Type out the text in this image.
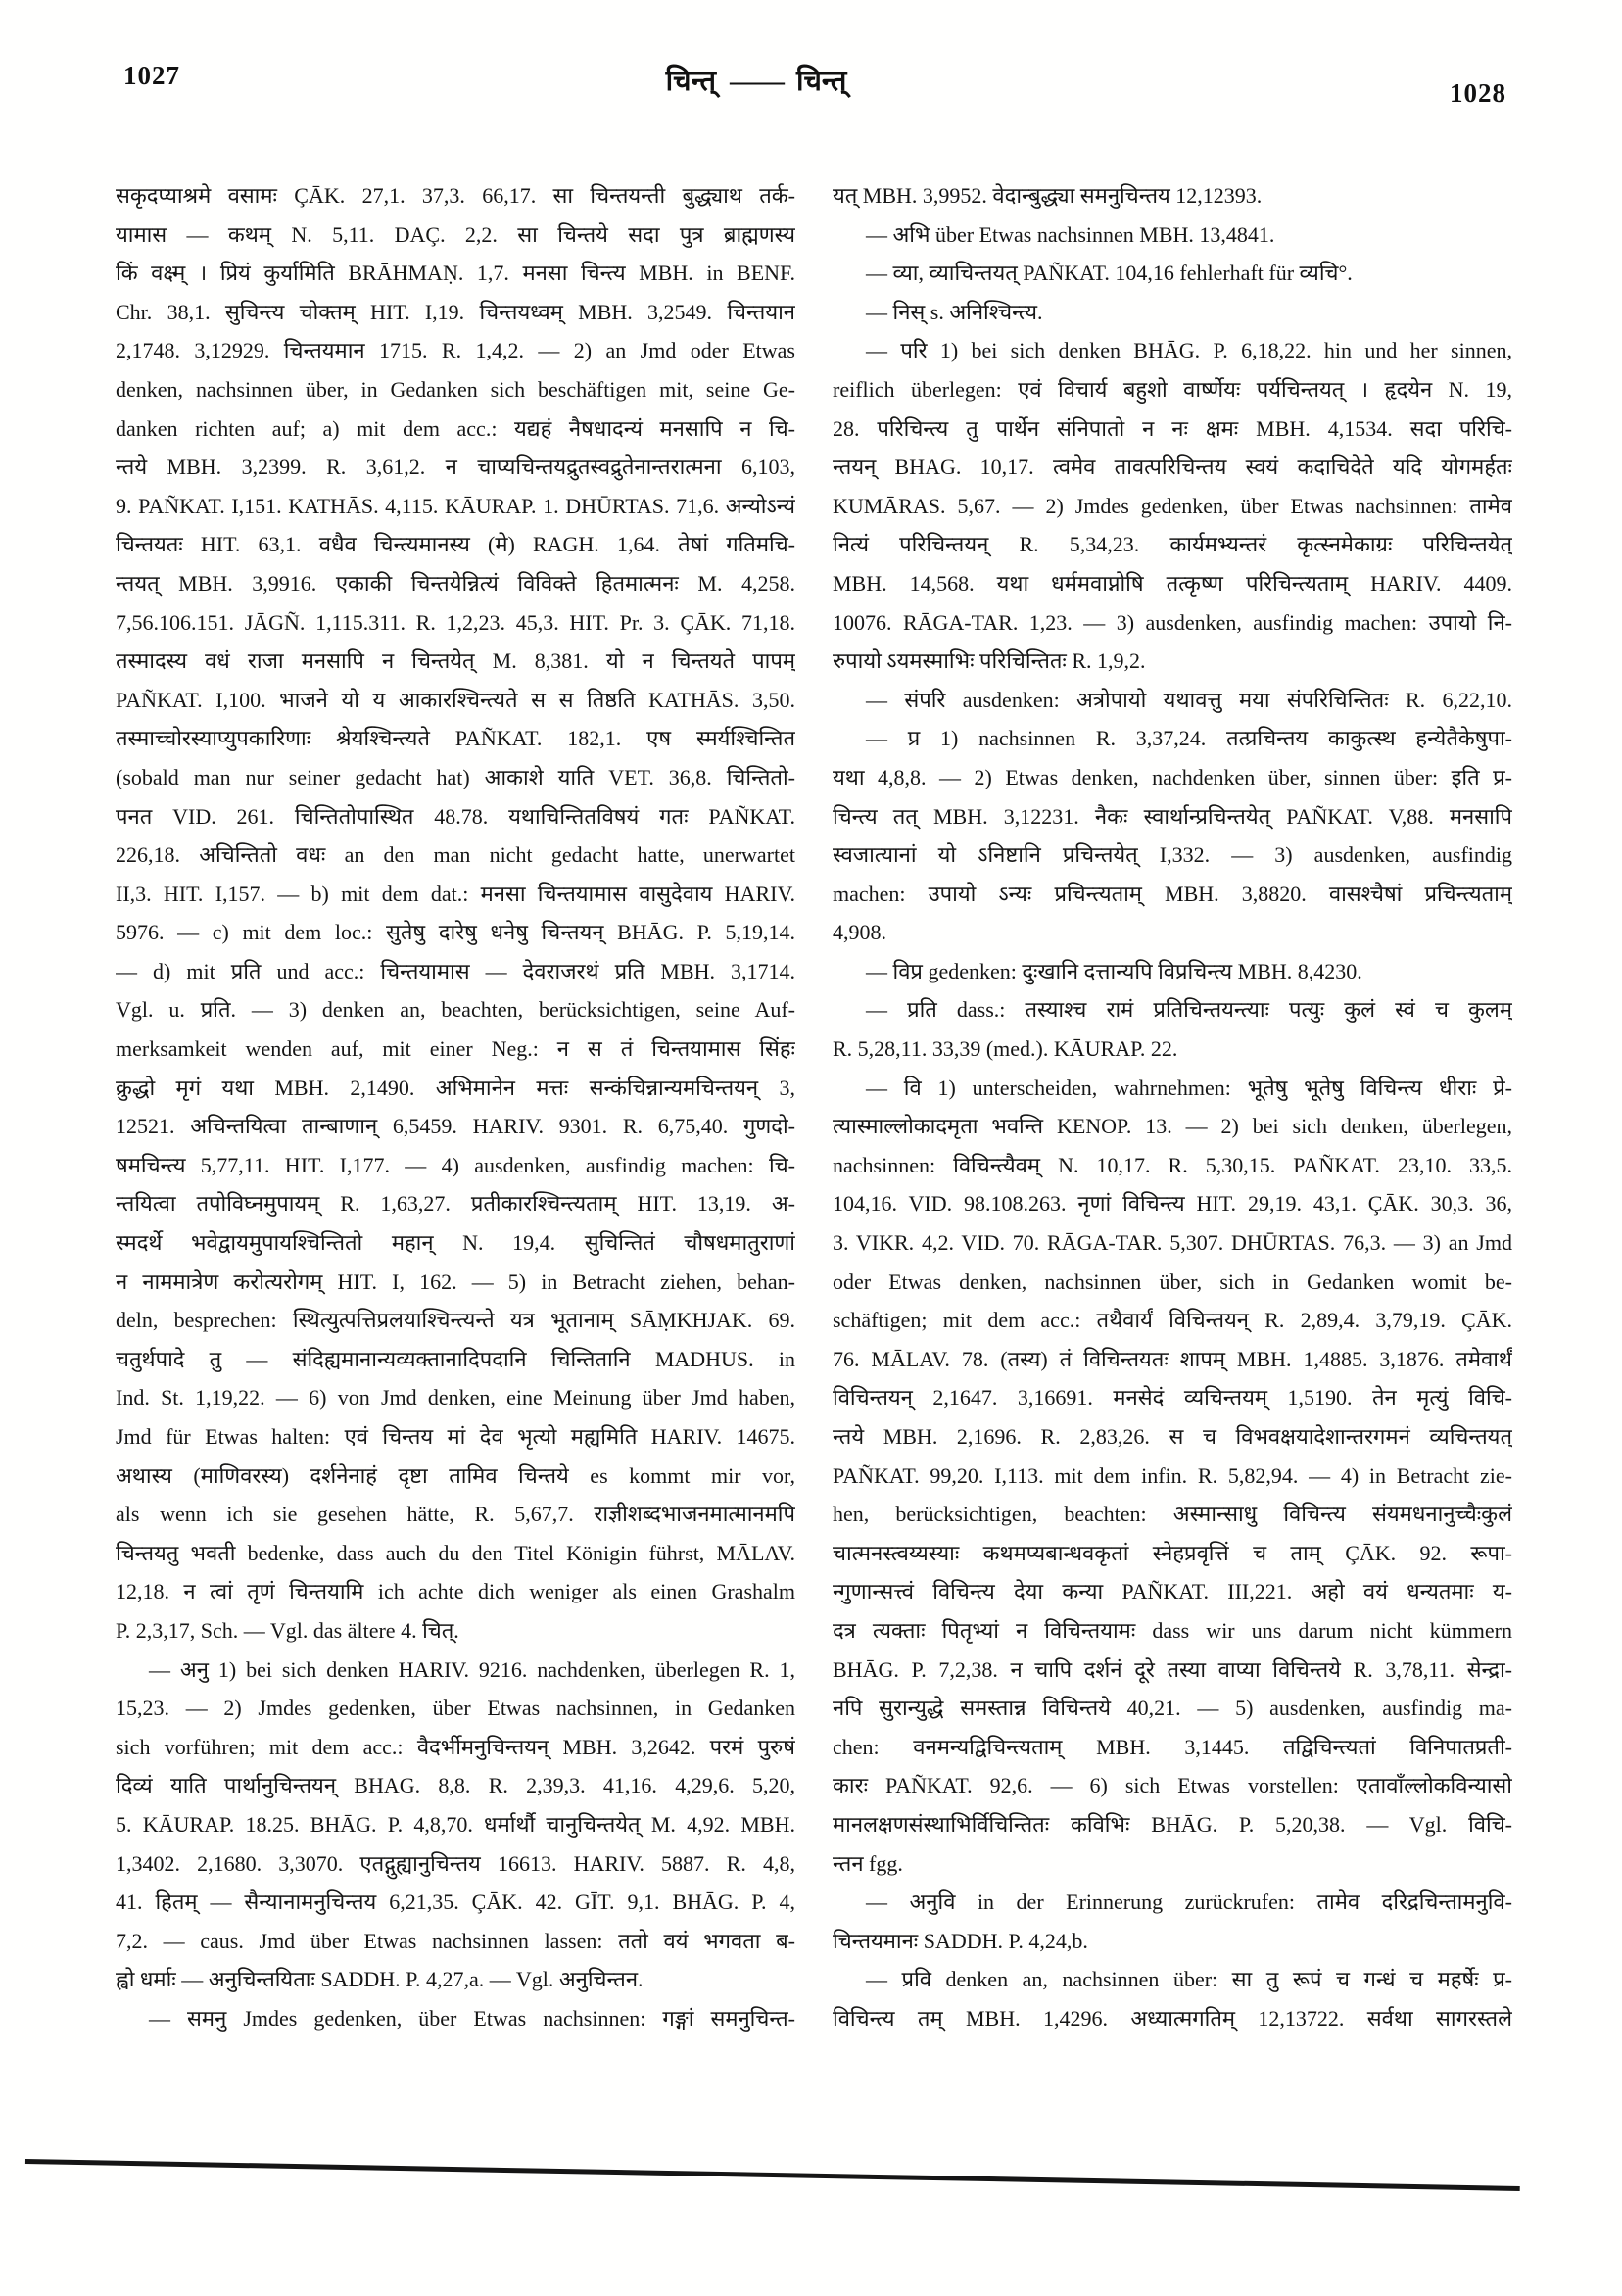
1027	चिन्त् —— चिन्त्	1028
सकृदप्याश्रमे वसामः ÇĀK. 27,1. 37,3. 66,17. सा चिन्तयन्ती बुद्ध्याथ तर्क-
यामास — कथम् N. 5,11. DAÇ. 2,2. सा चिन्तये सदा पुत्र ब्राह्मणस्य
किं वक्ष्म् । प्रियं कुर्यामिति BRĀHMAṆ. 1,7. मनसा चिन्त्य MBH. in BENF.
Chr. 38,1. सुचिन्त्य चोक्तम् HIT. I,19. चिन्तयध्वम् MBH. 3,2549. चिन्तयान
2,1748. 3,12929. चिन्तयमान 1715. R. 1,4,2. — 2) an Jmd oder Etwas
denken, nachsinnen über, in Gedanken sich beschäftigen mit, seine Ge-
danken richten auf; a) mit dem acc.: यद्यहं नैषधादन्यं मनसापि न चि-
न्तये MBH. 3,2399. R. 3,61,2. न चाप्यचिन्तयद्रुतस्वद्रुतेनान्तरात्मना 6,103,
9. PAÑKAT. I,151. KATHĀS. 4,115. KĀURAP. 1. DHŪRTAS. 71,6. अन्योऽन्यं
चिन्तयतः HIT. 63,1. वधैव चिन्त्यमानस्य (मे) RAGH. 1,64. तेषां गतिमचि-
न्तयत् MBH. 3,9916. एकाकी चिन्तयेन्नित्यं विविक्ते हितमात्मनः M. 4,258.
7,56.106.151. JĀGÑ. 1,115.311. R. 1,2,23. 45,3. HIT. Pr. 3. ÇĀK. 71,18.
तस्मादस्य वधं राजा मनसापि न चिन्तयेत् M. 8,381. यो न चिन्तयते पापम्
PAÑKAT. I,100. भाजने यो य आकारश्चिन्त्यते स स तिष्ठति KATHĀS. 3,50.
तस्माच्चोरस्याप्युपकारिणाः श्रेयश्चिन्त्यते PAÑKAT. 182,1. एष स्मर्यश्चिन्तित
(sobald man nur seiner gedacht hat) आकाशे याति VET. 36,8. चिन्तितो-
पनत VID. 261. चिन्तितोपास्थित 48.78. यथाचिन्तितविषयं गतः PAÑKAT.
226,18. अचिन्तितो वधः an den man nicht gedacht hatte, unerwartet
II,3. HIT. I,157. — b) mit dem dat.: मनसा चिन्तयामास वासुदेवाय HARIV.
5976. — c) mit dem loc.: सुतेषु दारेषु धनेषु चिन्तयन् BHĀG. P. 5,19,14.
— d) mit प्रति und acc.: चिन्तयामास — देवराजरथं प्रति MBH. 3,1714.
Vgl. u. प्रति. — 3) denken an, beachten, berücksichtigen, seine Auf-
merksamkeit wenden auf, mit einer Neg.: न स तं चिन्तयामास सिंहः
क्रुद्धो मृगं यथा MBH. 2,1490. अभिमानेन मत्तः सन्कंचिन्नान्यमचिन्तयन् 3,
12521. अचिन्तयित्वा तान्बाणान् 6,5459. HARIV. 9301. R. 6,75,40. गुणदो-
षमचिन्त्य 5,77,11. HIT. I,177. — 4) ausdenken, ausfindig machen: चि-
न्तयित्वा तपोविघ्नमुपायम् R. 1,63,27. प्रतीकारश्चिन्त्यताम् HIT. 13,19. अ-
स्मदर्थे भवेद्वायमुपायश्चिन्तितो महान् N. 19,4. सुचिन्तितं चौषधमातुराणां
न नाममात्रेण करोत्यरोगम् HIT. I, 162. — 5) in Betracht ziehen, behan-
deln, besprechen: स्थित्युत्पत्तिप्रलयाश्चिन्त्यन्ते यत्र भूतानाम् SĀṂKHJAK. 69.
चतुर्थपादे तु — संदिह्यमानान्यव्यक्तानादिपदानि चिन्तितानि MADHUS. in
Ind. St. 1,19,22. — 6) von Jmd denken, eine Meinung über Jmd haben,
Jmd für Etwas halten: एवं चिन्तय मां देव भृत्यो मह्यमिति HARIV. 14675.
अथास्य (माणिवरस्य) दर्शनेनाहं दृष्टा तामिव चिन्तये es kommt mir vor,
als wenn ich sie gesehen hätte, R. 5,67,7. राज्ञीशब्दभाजनमात्मानमपि
चिन्तयतु भवती bedenke, dass auch du den Titel Königin führst, MĀLAV.
12,18. न त्वां तृणं चिन्तयामि ich achte dich weniger als einen Grashalm
P. 2,3,17, Sch. — Vgl. das ältere 4. चित्.
— अनु 1) bei sich denken HARIV. 9216. nachdenken, überlegen R. 1,
15,23. — 2) Jmdes gedenken, über Etwas nachsinnen, in Gedanken
sich vorführen; mit dem acc.: वैदर्भीमनुचिन्तयन् MBH. 3,2642. परमं पुरुषं
दिव्यं याति पार्थानुचिन्तयन् BHAG. 8,8. R. 2,39,3. 41,16. 4,29,6. 5,20,
5. KĀURAP. 18.25. BHĀG. P. 4,8,70. धर्मार्थौ चानुचिन्तयेत् M. 4,92. MBH.
1,3402. 2,1680. 3,3070. एतद्गुह्यानुचिन्तय 16613. HARIV. 5887. R. 4,8,
41. हितम् — सैन्यानामनुचिन्तय 6,21,35. ÇĀK. 42. GĪT. 9,1. BHĀG. P. 4,
7,2. — caus. Jmd über Etwas nachsinnen lassen: ततो वयं भगवता ब-
ह्वो धर्माः — अनुचिन्तयिताः SADDH. P. 4,27,a. — Vgl. अनुचिन्तन.
— समनु Jmdes gedenken, über Etwas nachsinnen: गङ्गां समनुचिन्त-
यत् MBH. 3,9952. वेदान्बुद्ध्या समनुचिन्तय 12,12393.
— अभि über Etwas nachsinnen MBH. 13,4841.
— व्या, व्याचिन्तयत् PAÑKAT. 104,16 fehlerhaft für व्यचि°.
— निस् s. अनिश्चिन्त्य.
— परि 1) bei sich denken BHĀG. P. 6,18,22. hin und her sinnen,
reiflich überlegen: एवं विचार्य बहुशो वार्ष्णेयः पर्यचिन्तयत् । हृदयेन N. 19,
28. परिचिन्त्य तु पार्थेन संनिपातो न नः क्षमः MBH. 4,1534. सदा परिचि-
न्तयन् BHAG. 10,17. त्वमेव तावत्परिचिन्तय स्वयं कदाचिदेते यदि योगमर्हतः
KUMĀRAS. 5,67. — 2) Jmdes gedenken, über Etwas nachsinnen: तामेव
नित्यं परिचिन्तयन् R. 5,34,23. कार्यमभ्यन्तरं कृत्स्नमेकाग्रः परिचिन्तयेत्
MBH. 14,568. यथा धर्ममवाप्नोषि तत्कृष्ण परिचिन्त्यताम् HARIV. 4409.
10076. RĀGA-TAR. 1,23. — 3) ausdenken, ausfindig machen: उपायो नि-
रुपायो ऽयमस्माभिः परिचिन्तितः R. 1,9,2.
— संपरि ausdenken: अत्रोपायो यथावत्तु मया संपरिचिन्तितः R. 6,22,10.
— प्र 1) nachsinnen R. 3,37,24. तत्प्रचिन्तय काकुत्स्थ हन्येतैकेषुपा-
यथा 4,8,8. — 2) Etwas denken, nachdenken über, sinnen über: इति प्र-
चिन्त्य तत् MBH. 3,12231. नैकः स्वार्थान्प्रचिन्तयेत् PAÑKAT. V,88. मनसापि
स्वजात्यानां यो ऽनिष्टानि प्रचिन्तयेत् I,332. — 3) ausdenken, ausfindig
machen: उपायो ऽन्यः प्रचिन्त्यताम् MBH. 3,8820. वासश्चैषां प्रचिन्त्यताम्
4,908.
— विप्र gedenken: दुःखानि दत्तान्यपि विप्रचिन्त्य MBH. 8,4230.
— प्रति dass.: तस्याश्च रामं प्रतिचिन्तयन्त्याः पत्युः कुलं स्वं च कुलम्
R. 5,28,11. 33,39 (med.). KĀURAP. 22.
— वि 1) unterscheiden, wahrnehmen: भूतेषु भूतेषु विचिन्त्य धीराः प्रे-
त्यास्माल्लोकादमृता भवन्ति KENOP. 13. — 2) bei sich denken, überlegen,
nachsinnen: विचिन्त्यैवम् N. 10,17. R. 5,30,15. PAÑKAT. 23,10. 33,5.
104,16. VID. 98.108.263. नृणां विचिन्त्य HIT. 29,19. 43,1. ÇĀK. 30,3. 36,
3. VIKR. 4,2. VID. 70. RĀGA-TAR. 5,307. DHŪRTAS. 76,3. — 3) an Jmd
oder Etwas denken, nachsinnen über, sich in Gedanken womit be-
schäftigen; mit dem acc.: तथैवार्यं विचिन्तयन् R. 2,89,4. 3,79,19. ÇĀK.
76. MĀLAV. 78. (तस्य) तं विचिन्तयतः शापम् MBH. 1,4885. 3,1876. तमेवार्थं
विचिन्तयन् 2,1647. 3,16691. मनसेदं व्यचिन्तयम् 1,5190. तेन मृत्युं विचि-
न्तये MBH. 2,1696. R. 2,83,26. स च विभवक्षयादेशान्तरगमनं व्यचिन्तयत्
PAÑKAT. 99,20. I,113. mit dem infin. R. 5,82,94. — 4) in Betracht zie-
hen, berücksichtigen, beachten: अस्मान्साधु विचिन्त्य संयमधनानुच्चैःकुलं
चात्मनस्त्वय्यस्याः कथमप्यबान्धवकृतां स्नेहप्रवृत्तिं च ताम् ÇĀK. 92. रूपा-
न्गुणान्सत्त्वं विचिन्त्य देया कन्या PAÑKAT. III,221. अहो वयं धन्यतमाः य-
दत्र त्यक्ताः पितृभ्यां न विचिन्तयामः dass wir uns darum nicht kümmern
BHĀG. P. 7,2,38. न चापि दर्शनं दूरे तस्या वाप्या विचिन्तये R. 3,78,11. सेन्द्रा-
नपि सुरान्युद्धे समस्तान्न विचिन्तये 40,21. — 5) ausdenken, ausfindig ma-
chen: वनमन्यद्विचिन्त्यताम् MBH. 3,1445. तद्विचिन्त्यतां विनिपातप्रती-
कारः PAÑKAT. 92,6. — 6) sich Etwas vorstellen: एतावाँल्लोकविन्यासो
मानलक्षणसंस्थाभिर्विचिन्तितः कविभिः BHĀG. P. 5,20,38. — Vgl. विचि-
न्तन fgg.
— अनुवि in der Erinnerung zurückrufen: तामेव दरिद्रचिन्तामनुवि-
चिन्तयमानः SADDH. P. 4,24,b.
— प्रवि denken an, nachsinnen über: सा तु रूपं च गन्धं च महर्षेः प्र-
विचिन्त्य तम् MBH. 1,4296. अध्यात्मगतिम् 12,13722. सर्वथा सागरस्तले
